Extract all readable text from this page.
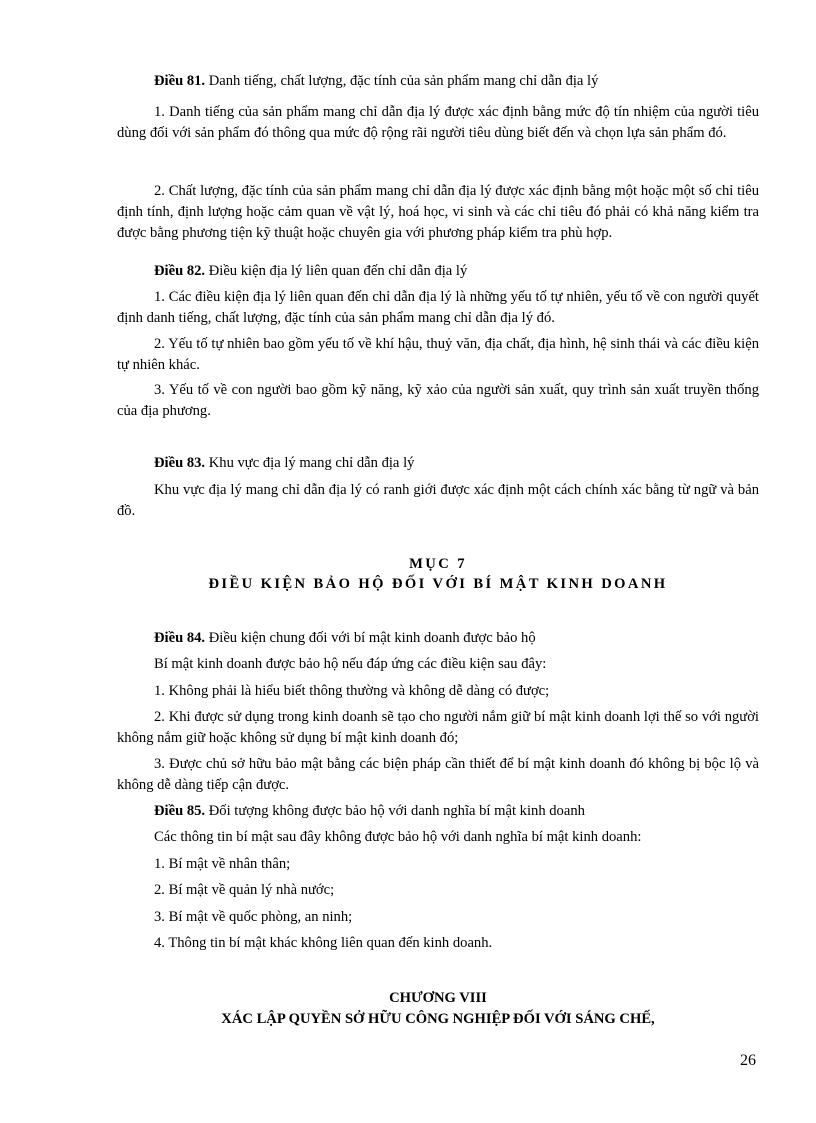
Điều 81. Danh tiếng, chất lượng, đặc tính của sản phẩm mang chỉ dẫn địa lý

1. Danh tiếng của sản phẩm mang chỉ dẫn địa lý được xác định bằng mức độ tín nhiệm của người tiêu dùng đối với sản phẩm đó thông qua mức độ rộng rãi người tiêu dùng biết đến và chọn lựa sản phẩm đó.

2. Chất lượng, đặc tính của sản phẩm mang chỉ dẫn địa lý được xác định bằng một hoặc một số chỉ tiêu định tính, định lượng hoặc cảm quan về vật lý, hoá học, vi sinh và các chỉ tiêu đó phải có khả năng kiểm tra được bằng phương tiện kỹ thuật hoặc chuyên gia với phương pháp kiểm tra phù hợp.

Điều 82. Điều kiện địa lý liên quan đến chỉ dẫn địa lý

1. Các điều kiện địa lý liên quan đến chỉ dẫn địa lý là những yếu tố tự nhiên, yếu tố về con người quyết định danh tiếng, chất lượng, đặc tính của sản phẩm mang chỉ dẫn địa lý đó.

2. Yếu tố tự nhiên bao gồm yếu tố về khí hậu, thuỷ văn, địa chất, địa hình, hệ sinh thái và các điều kiện tự nhiên khác.

3. Yếu tố về con người bao gồm kỹ năng, kỹ xảo của người sản xuất, quy trình sản xuất truyền thống của địa phương.

Điều 83. Khu vực địa lý mang chỉ dẫn địa lý

Khu vực địa lý mang chỉ dẫn địa lý có ranh giới được xác định một cách chính xác bằng từ ngữ và bản đồ.

MỤC 7

ĐIỀU KIỆN BẢO HỘ ĐỐI VỚI BÍ MẬT KINH DOANH

Điều 84. Điều kiện chung đối với bí mật kinh doanh được bảo hộ

Bí mật kinh doanh được bảo hộ nếu đáp ứng các điều kiện sau đây:

1. Không phải là hiểu biết thông thường và không dễ dàng có được;

2. Khi được sử dụng trong kinh doanh sẽ tạo cho người nắm giữ bí mật kinh doanh lợi thế so với người không nắm giữ hoặc không sử dụng bí mật kinh doanh đó;

3. Được chủ sở hữu bảo mật bằng các biện pháp cần thiết để bí mật kinh doanh đó không bị bộc lộ và không dễ dàng tiếp cận được.

Điều 85. Đối tượng không được bảo hộ với danh nghĩa bí mật kinh doanh

Các thông tin bí mật sau đây không được bảo hộ với danh nghĩa bí mật kinh doanh:

1. Bí mật về nhân thân;

2. Bí mật về quản lý nhà nước;

3. Bí mật về quốc phòng, an ninh;

4. Thông tin bí mật khác không liên quan đến kinh doanh.

CHƯƠNG VIII

XÁC LẬP QUYỀN SỞ HỮU CÔNG NGHIỆP ĐỐI VỚI SÁNG CHẾ,

26
